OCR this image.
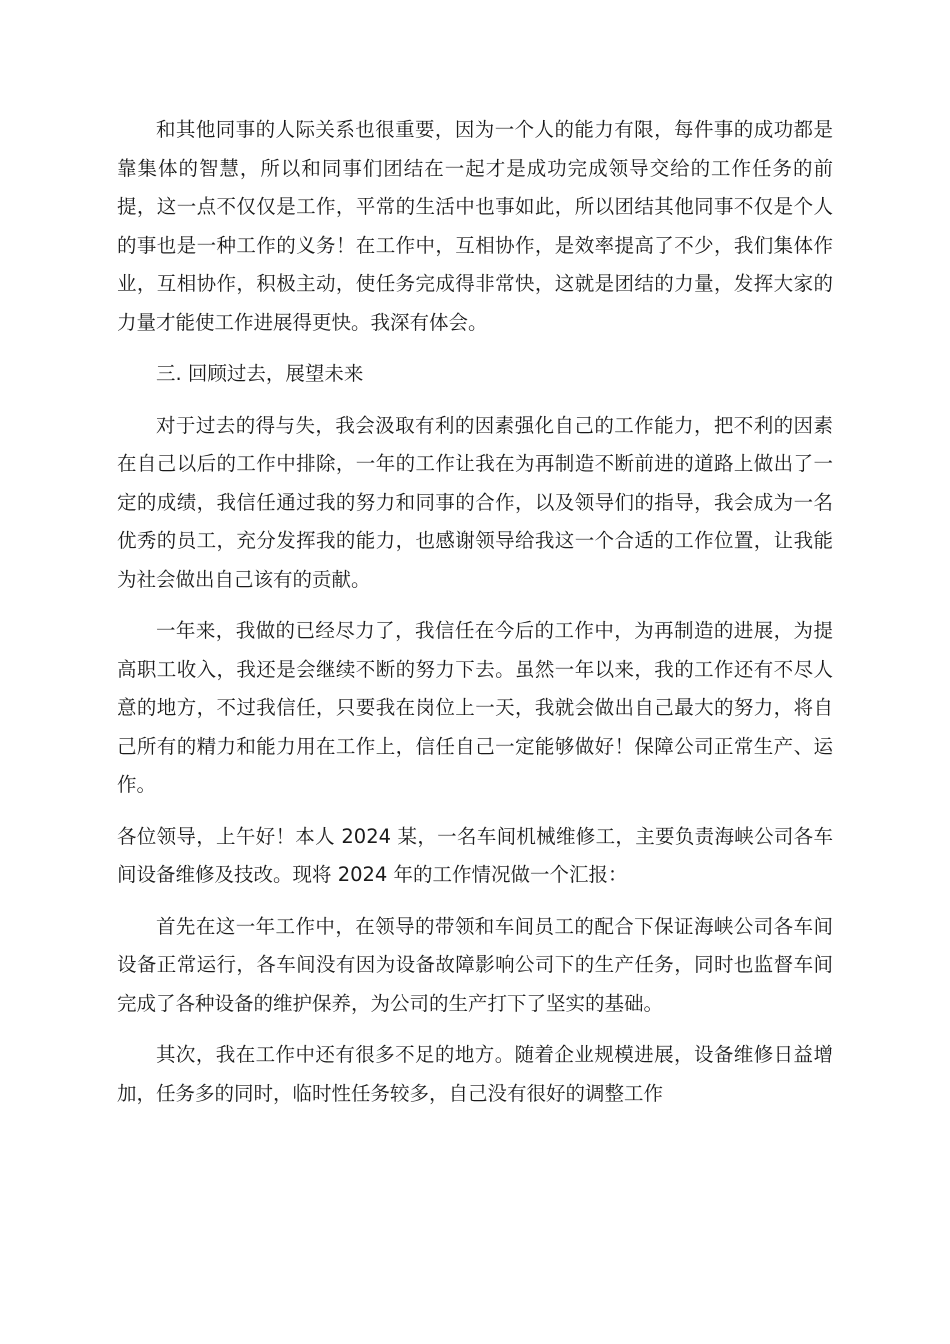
和其他同事的人际关系也很重要，因为一个人的能力有限，每件事的成功都是靠集体的智慧，所以和同事们团结在一起才是成功完成领导交给的工作任务的前提，这一点不仅仅是工作，平常的生活中也事如此，所以团结其他同事不仅是个人的事也是一种工作的义务！在工作中，互相协作，是效率提高了不少，我们集体作业，互相协作，积极主动，使任务完成得非常快，这就是团结的力量，发挥大家的力量才能使工作进展得更快。我深有体会。

三. 回顾过去，展望未来

对于过去的得与失，我会汲取有利的因素强化自己的工作能力，把不利的因素在自己以后的工作中排除，一年的工作让我在为再制造不断前进的道路上做出了一定的成绩，我信任通过我的努力和同事的合作，以及领导们的指导，我会成为一名优秀的员工，充分发挥我的能力，也感谢领导给我这一个合适的工作位置，让我能为社会做出自己该有的贡献。

一年来，我做的已经尽力了，我信任在今后的工作中，为再制造的进展，为提高职工收入，我还是会继续不断的努力下去。虽然一年以来，我的工作还有不尽人意的地方，不过我信任，只要我在岗位上一天，我就会做出自己最大的努力，将自己所有的精力和能力用在工作上，信任自己一定能够做好！保障公司正常生产、运作。

各位领导，上午好！本人 2024 某，一名车间机械维修工，主要负责海峡公司各车间设备维修及技改。现将 2024 年的工作情况做一个汇报：

首先在这一年工作中，在领导的带领和车间员工的配合下保证海峡公司各车间设备正常运行，各车间没有因为设备故障影响公司下的生产任务，同时也监督车间完成了各种设备的维护保养，为公司的生产打下了坚实的基础。

其次，我在工作中还有很多不足的地方。随着企业规模进展，设备维修日益增加，任务多的同时，临时性任务较多，自己没有很好的调整工作
